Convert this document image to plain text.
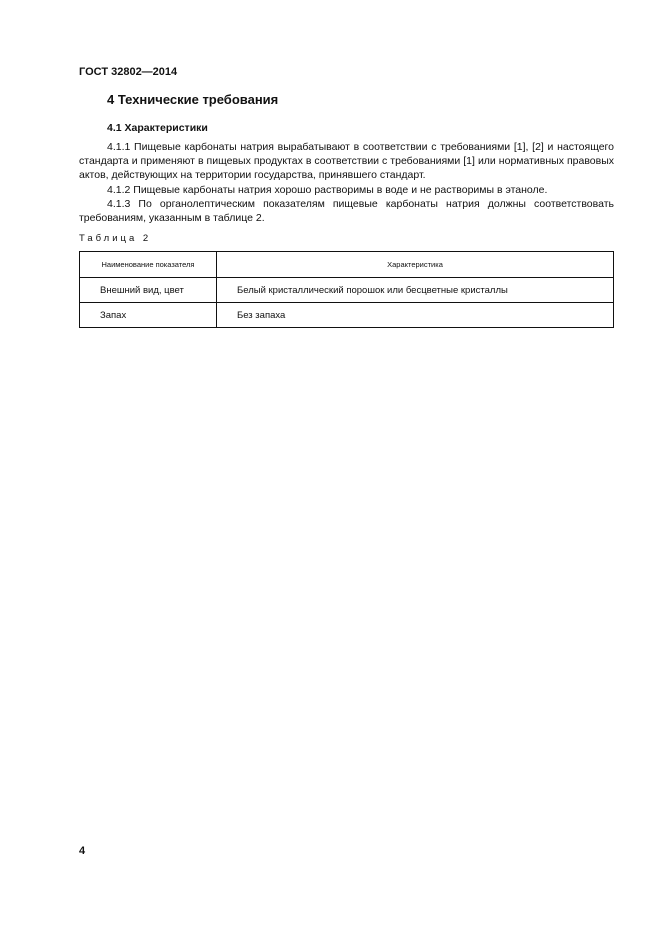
ГОСТ 32802—2014
4 Технические требования
4.1 Характеристики

4.1.1 Пищевые карбонаты натрия вырабатывают в соответствии с требованиями [1], [2] и настоящего стандарта и применяют в пищевых продуктах в соответствии с требованиями [1] или нормативных правовых актов, действующих на территории государства, принявшего стандарт.

4.1.2 Пищевые карбонаты натрия хорошо растворимы в воде и не растворимы в этаноле.

4.1.3 По органолептическим показателям пищевые карбонаты натрия должны соответствовать требованиям, указанным в таблице 2.

Таблица 2
Наименование показателя	Характеристика
Внешний вид, цвет	Белый кристаллический порошок или бесцветные кристаллы
Запах	Без запаха
4
